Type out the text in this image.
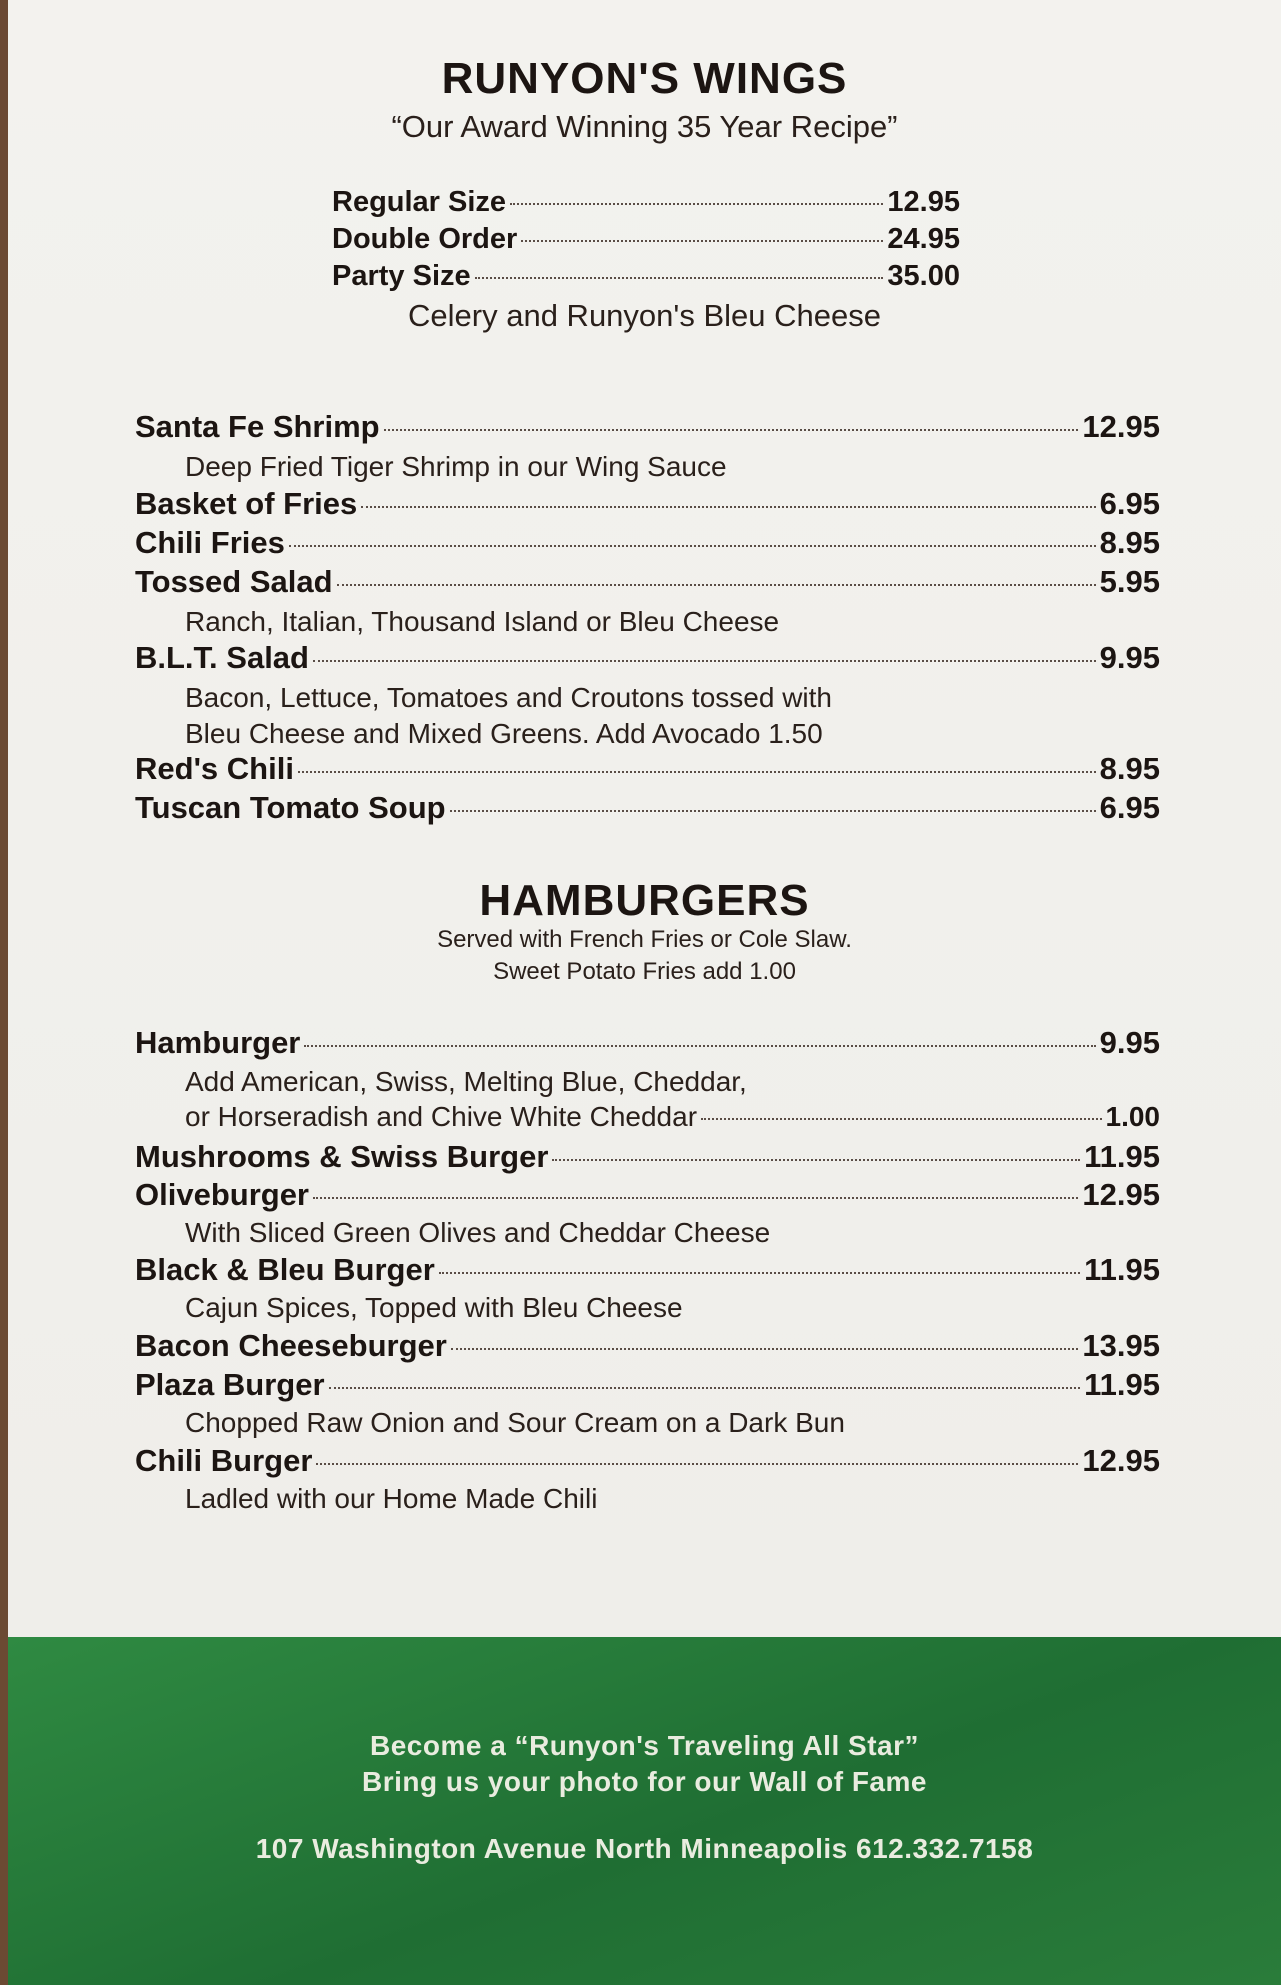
RUNYON'S WINGS
“Our Award Winning 35 Year Recipe”
Regular Size	12.95
Double Order	24.95
Party Size	35.00
Celery and Runyon's Bleu Cheese
Santa Fe Shrimp	12.95
Deep Fried Tiger Shrimp in our Wing Sauce
Basket of Fries	6.95
Chili Fries	8.95
Tossed Salad	5.95
Ranch, Italian, Thousand Island or Bleu Cheese
B.L.T. Salad	9.95
Bacon, Lettuce, Tomatoes and Croutons tossed with
Bleu Cheese and Mixed Greens. Add Avocado 1.50
Red's Chili	8.95
Tuscan Tomato Soup	6.95
HAMBURGERS
Served with French Fries or Cole Slaw.
Sweet Potato Fries add 1.00
Hamburger	9.95
Add American, Swiss, Melting Blue, Cheddar,
or Horseradish and Chive White Cheddar	1.00
Mushrooms & Swiss Burger	11.95
Oliveburger	12.95
With Sliced Green Olives and Cheddar Cheese
Black & Bleu Burger	11.95
Cajun Spices, Topped with Bleu Cheese
Bacon Cheeseburger	13.95
Plaza Burger	11.95
Chopped Raw Onion and Sour Cream on a Dark Bun
Chili Burger	12.95
Ladled with our Home Made Chili
Become a “Runyon's Traveling All Star”
Bring us your photo for our Wall of Fame
107 Washington Avenue North Minneapolis 612.332.7158
